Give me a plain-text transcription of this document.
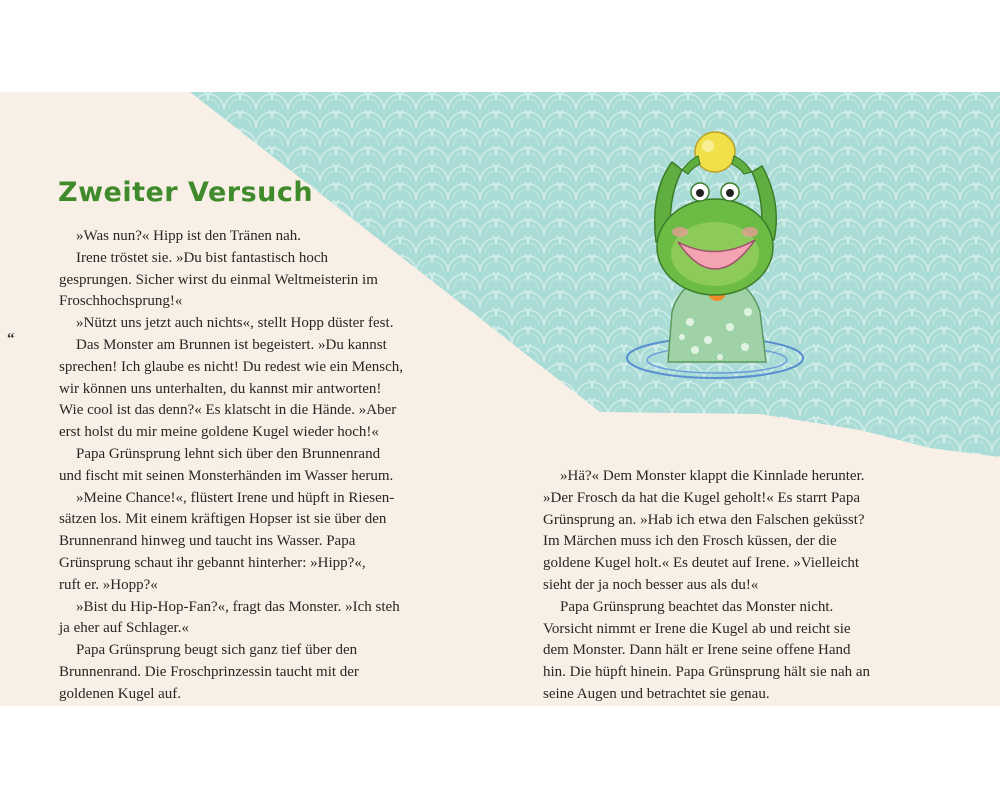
Zweiter Versuch
»Was nun?« Hipp ist den Tränen nah.
Irene tröstet sie. »Du bist fantastisch hoch
gesprungen. Sicher wirst du einmal Weltmeisterin im
Froschhochsprung!«
»Nützt uns jetzt auch nichts«, stellt Hopp düster fest.
Das Monster am Brunnen ist begeistert. »Du kannst
sprechen! Ich glaube es nicht! Du redest wie ein Mensch,
wir können uns unterhalten, du kannst mir antworten!
Wie cool ist das denn?« Es klatscht in die Hände. »Aber
erst holst du mir meine goldene Kugel wieder hoch!«
Papa Grünsprung lehnt sich über den Brunnenrand
und fischt mit seinen Monsterhänden im Wasser herum.
»Meine Chance!«, flüstert Irene und hüpft in Riesen-
sätzen los. Mit einem kräftigen Hopser ist sie über den
Brunnenrand hinweg und taucht ins Wasser. Papa
Grünsprung schaut ihr gebannt hinterher: »Hipp?«,
ruft er. »Hopp?«
»Bist du Hip-Hop-Fan?«, fragt das Monster. »Ich steh
ja eher auf Schlager.«
Papa Grünsprung beugt sich ganz tief über den
Brunnenrand. Die Froschprinzessin taucht mit der
goldenen Kugel auf.
»Hä?« Dem Monster klappt die Kinnlade herunter.
»Der Frosch da hat die Kugel geholt!« Es starrt Papa
Grünsprung an. »Hab ich etwa den Falschen geküsst?
Im Märchen muss ich den Frosch küssen, der die
goldene Kugel holt.« Es deutet auf Irene. »Vielleicht
sieht der ja noch besser aus als du!«
Papa Grünsprung beachtet das Monster nicht.
Vorsicht nimmt er Irene die Kugel ab und reicht sie
dem Monster. Dann hält er Irene seine offene Hand
hin. Die hüpft hinein. Papa Grünsprung hält sie nah an
seine Augen und betrachtet sie genau.
“
